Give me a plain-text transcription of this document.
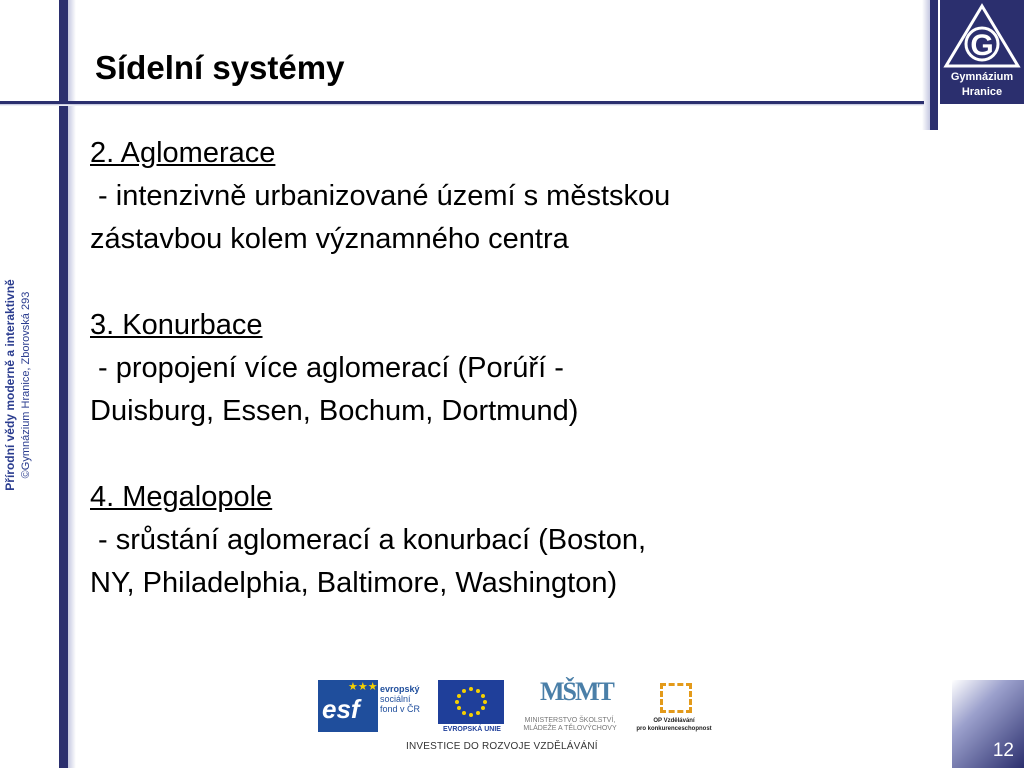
Sídelní systémy
G
Gymnázium
Hranice
Přírodní vědy moderně a interaktivně ©Gymnázium Hranice, Zborovská 293
2. Aglomerace
- intenzivně urbanizované území s městskou
zástavbou kolem významného centra
3. Konurbace
- propojení více aglomerací (Porúří -
Duisburg, Essen, Bochum, Dortmund)
4. Megalopole
- srůstání aglomerací a konurbací (Boston,
NY, Philadelphia, Baltimore, Washington)
esf
★★★ evropský
sociální
fond v ČR
EVROPSKÁ UNIE
MŠMT
MINISTERSTVO ŠKOLSTVÍ,
MLÁDEŽE A TĚLOVÝCHOVY
OP Vzdělávání
pro konkurenceschopnost
INVESTICE DO ROZVOJE VZDĚLÁVÁNÍ	12
